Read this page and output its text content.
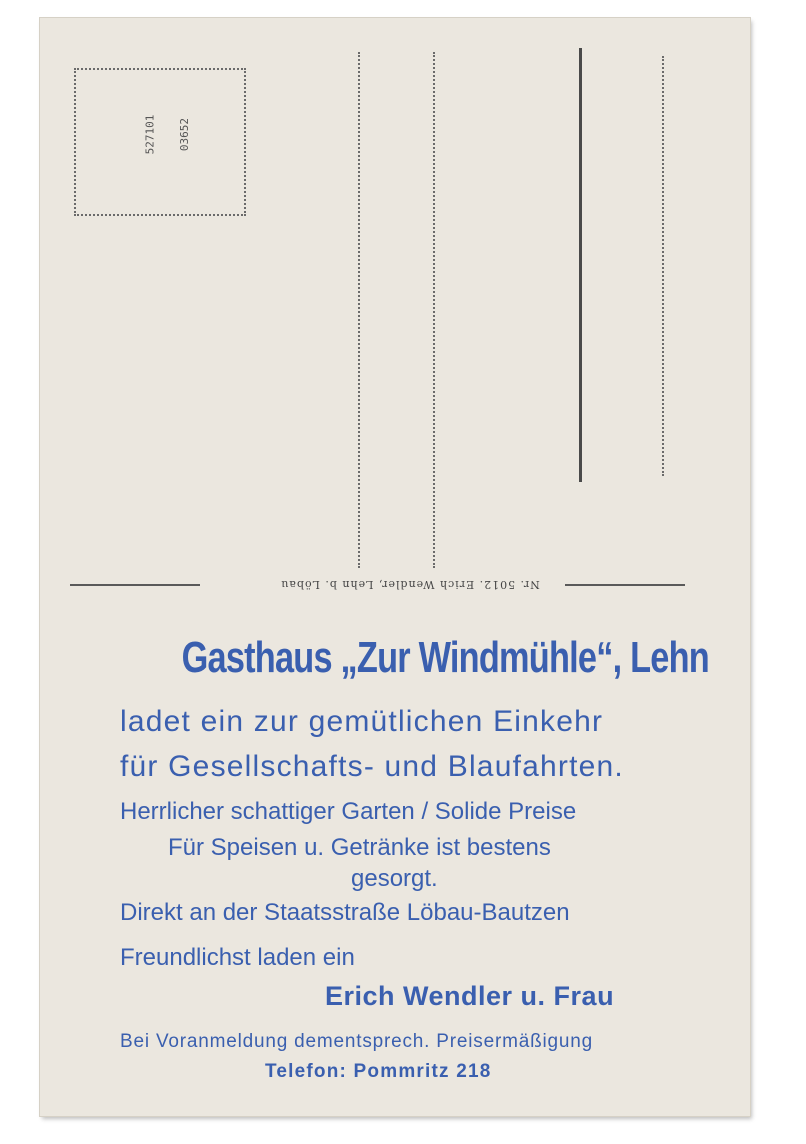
527101 03652
Nr. 5012. Erich Wendler, Lehn b. Löbau
Gasthaus „Zur Windmühle“, Lehn
ladet ein zur gemütlichen Einkehr
für Gesellschafts- und Blaufahrten.
Herrlicher schattiger Garten / Solide Preise
Für Speisen u. Getränke ist bestens
gesorgt.
Direkt an der Staatsstraße Löbau-Bautzen
Freundlichst laden ein
Erich Wendler u. Frau
Bei Voranmeldung dementsprech. Preisermäßigung
Telefon: Pommritz 218
